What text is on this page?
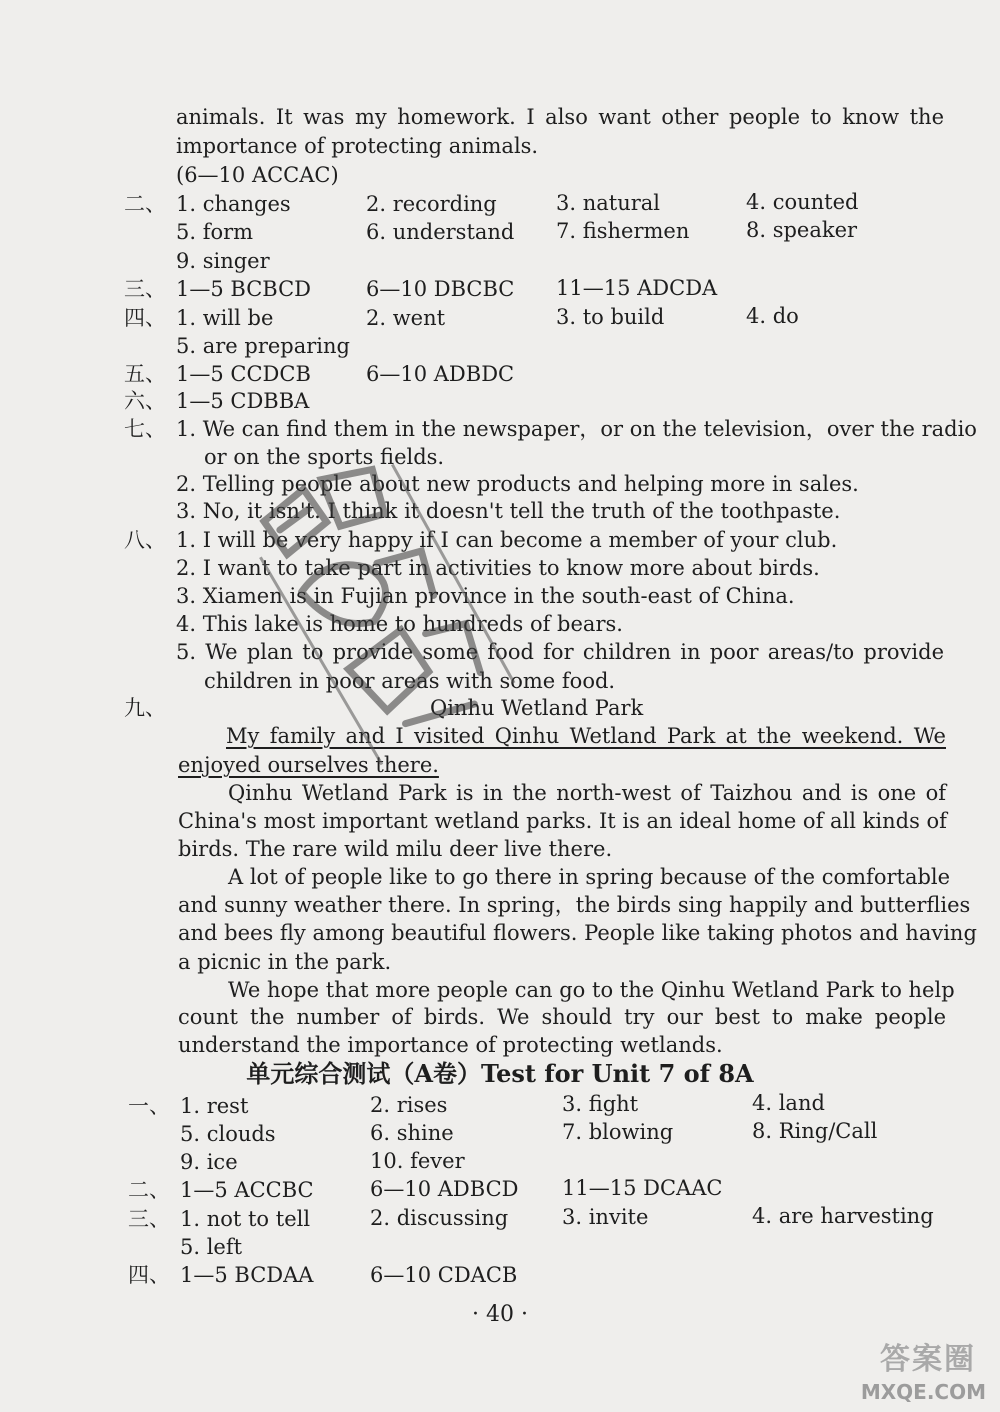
animals. It was my homework. I also want other people to know the
importance of protecting animals.
(6—10 ACCAC)
二、 1. changes	2. recording	3. natural	4. counted
5. form	6. understand 7. fishermen	8. speaker
9. singer
三、 1—5 BCBCD	6—10 DBCBC 11—15 ADCDA
四、 1. will be	2. went	3. to build	4. do
5. are preparing
五、 1—5 CCDCB	6—10 ADBDC
六、 1—5 CDBBA
七、 1. We can find them in the newspaper，or on the television，over the radio
or on the sports fields.
2. Telling people about new products and helping more in sales.
3. No, it isn't. I think it doesn't tell the truth of the toothpaste.
八、 1. I will be very happy if I can become a member of your club.
2. I want to take part in activities to know more about birds.
3. Xiamen is in Fujian province in the south-east of China.
4. This lake is home to hundreds of bears.
5. We plan to provide some food for children in poor areas/to provide
children in poor areas with some food.
九、	Qinhu Wetland Park
My family and I visited Qinhu Wetland Park at the weekend. We
enjoyed ourselves there.
Qinhu Wetland Park is in the north-west of Taizhou and is one of
China's most important wetland parks. It is an ideal home of all kinds of
birds. The rare wild milu deer live there.
A lot of people like to go there in spring because of the comfortable
and sunny weather there. In spring，the birds sing happily and butterflies
and bees fly among beautiful flowers. People like taking photos and having
a picnic in the park.
We hope that more people can go to the Qinhu Wetland Park to help
count the number of birds. We should try our best to make people
understand the importance of protecting wetlands.
单元综合测试（A卷）Test for Unit 7 of 8A
一、 1. rest	2. rises	3. fight	4. land
5. clouds	6. shine	7. blowing	8. Ring/Call
9. ice	10. fever
二、 1—5 ACCBC	6—10 ADBCD 11—15 DCAAC
三、 1. not to tell	2. discussing	3. invite	4. are harvesting
5. left
四、 1—5 BCDAA	6—10 CDACB
· 40 ·
答案圈
MXQE.COM
